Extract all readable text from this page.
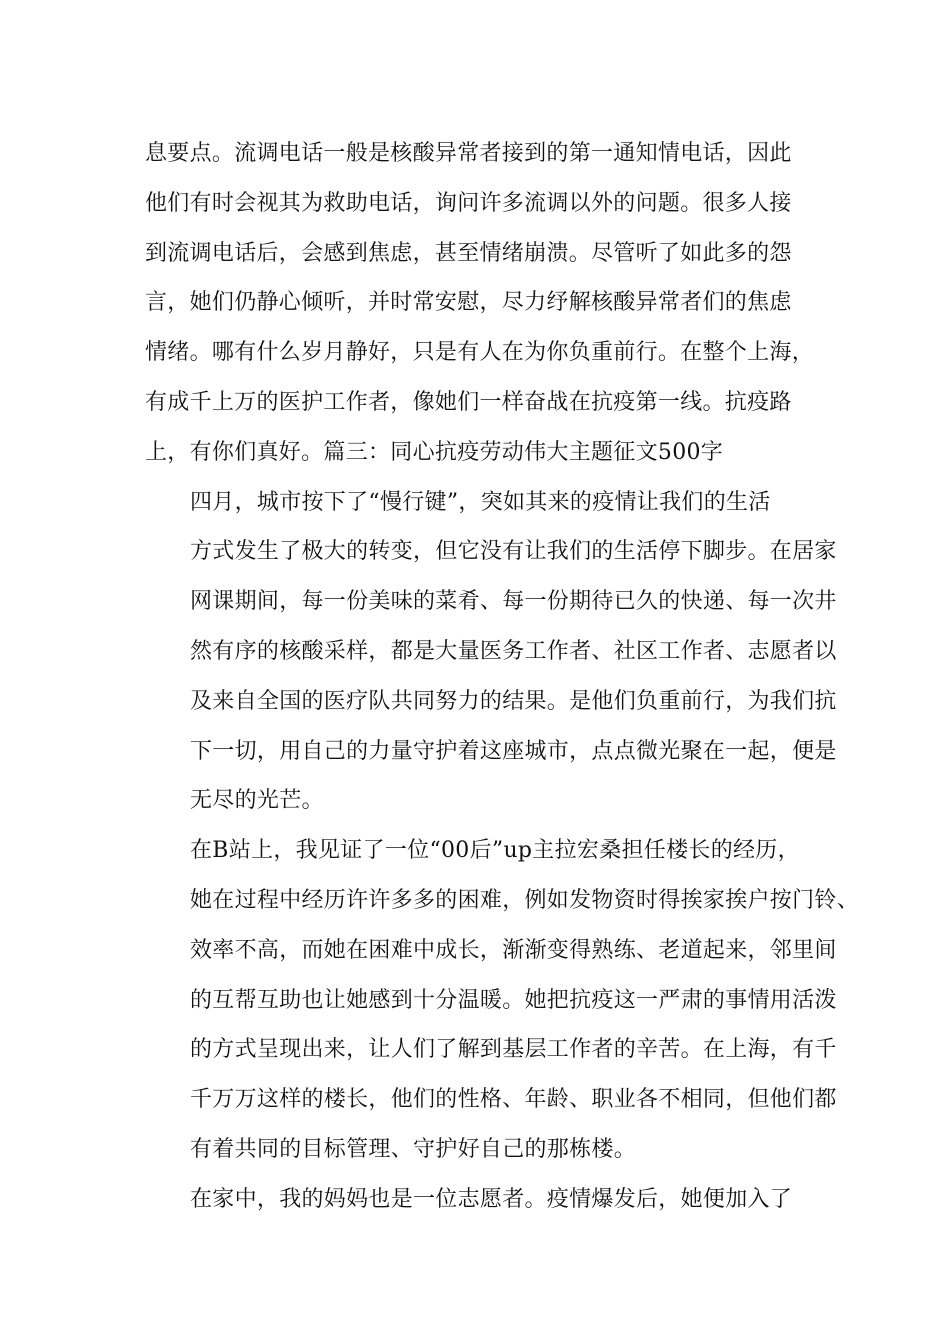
息要点。流调电话一般是核酸异常者接到的第一通知情电话，因此
他们有时会视其为救助电话，询问许多流调以外的问题。很多人接
到流调电话后，会感到焦虑，甚至情绪崩溃。尽管听了如此多的怨
言，她们仍静心倾听，并时常安慰，尽力纾解核酸异常者们的焦虑
情绪。哪有什么岁月静好，只是有人在为你负重前行。在整个上海，
有成千上万的医护工作者，像她们一样奋战在抗疫第一线。抗疫路
上，有你们真好。篇三：同心抗疫劳动伟大主题征文500字
四月，城市按下了“慢行键”，突如其来的疫情让我们的生活
方式发生了极大的转变，但它没有让我们的生活停下脚步。在居家
网课期间，每一份美味的菜肴、每一份期待已久的快递、每一次井
然有序的核酸采样，都是大量医务工作者、社区工作者、志愿者以
及来自全国的医疗队共同努力的结果。是他们负重前行，为我们抗
下一切，用自己的力量守护着这座城市，点点微光聚在一起，便是
无尽的光芒。
在B站上，我见证了一位“00后”up主拉宏桑担任楼长的经历，
她在过程中经历许许多多的困难，例如发物资时得挨家挨户按门铃、
效率不高，而她在困难中成长，渐渐变得熟练、老道起来，邻里间
的互帮互助也让她感到十分温暖。她把抗疫这一严肃的事情用活泼
的方式呈现出来，让人们了解到基层工作者的辛苦。在上海，有千
千万万这样的楼长，他们的性格、年龄、职业各不相同，但他们都
有着共同的目标管理、守护好自己的那栋楼。
在家中，我的妈妈也是一位志愿者。疫情爆发后，她便加入了
